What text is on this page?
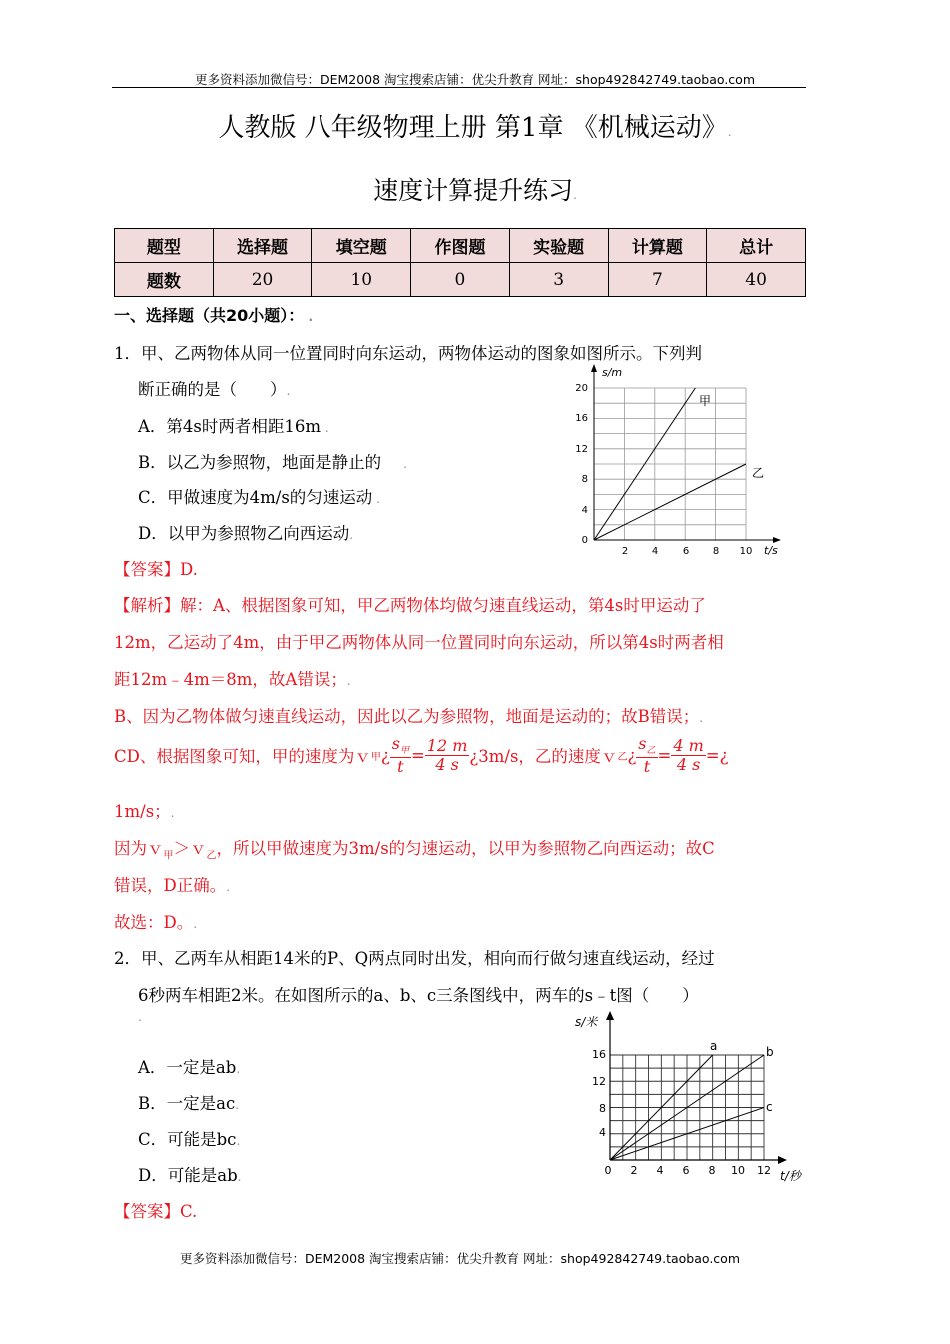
更多资料添加微信号：DEM2008 淘宝搜索店铺：优尖升教育 网址：shop492842749.taobao.com
人教版 八年级物理上册 第1章 《机械运动》.
速度计算提升练习.
题型	选择题	填空题	作图题	实验题	计算题	总计
题数	20	10	0	3	7	40
一、选择题（共20小题）： .
1．甲、乙两物体从同一位置同时向东运动，两物体运动的图象如图所示。下列判
断正确的是（　　）.
A．第4s时两者相距16m .
B．以乙为参照物，地面是静止的 .
C．甲做速度为4m/s的匀速运动 .
D．以甲为参照物乙向西运动.
s/m
t/s
0
4
8
12
16
20
2 4 6 8 10
甲
乙
【答案】D.
【解析】解：A、根据图象可知，甲乙两物体均做匀速直线运动，第4s时甲运动了
12m，乙运动了4m，由于甲乙两物体从同一位置同时向东运动，所以第4s时两者相
距12m﹣4m＝8m，故A错误；.
B、因为乙物体做匀速直线运动，因此以乙为参照物，地面是运动的；故B错误；.
CD、根据图象可知，甲的速度为ｖ 甲 ¿ $\frac{s_甲}{t} = \frac{12 m}{4 s}$ ¿3m/s，乙的速度ｖ 乙 ¿ $\frac{s_乙}{t} = \frac{4 m}{4 s}$ =¿
1m/s；.
因为ｖ$_甲$＞ｖ$_乙$，所以甲做速度为3m/s的匀速运动，以甲为参照物乙向西运动；故C
错误，D正确。.
故选：D。.
2．甲、乙两车从相距14米的P、Q两点同时出发，相向而行做匀速直线运动，经过
6秒两车相距2米。在如图所示的a、b、c三条图线中，两车的s﹣t图（　　）
.
A．一定是ab.
B．一定是ac.
C．可能是bc.
D．可能是ab.
s/米
t/秒
16
12
8
4
0 2 4 6 8 10 12
a	b
c
【答案】C.
更多资料添加微信号：DEM2008 淘宝搜索店铺：优尖升教育 网址：shop492842749.taobao.com
